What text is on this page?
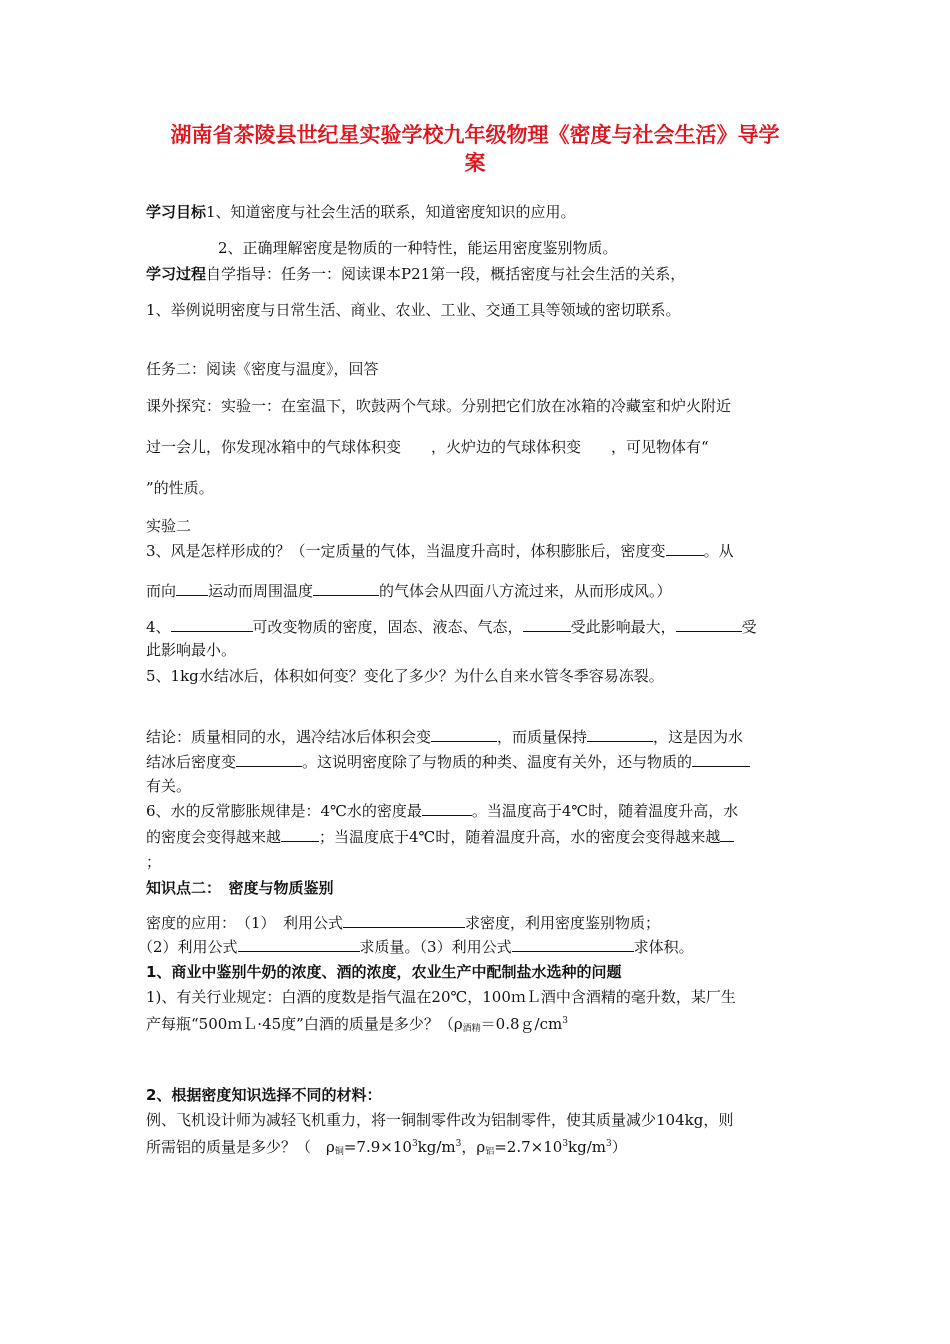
湖南省茶陵县世纪星实验学校九年级物理《密度与社会生活》导学
案
学习目标1、知道密度与社会生活的联系，知道密度知识的应用。
2、正确理解密度是物质的一种特性，能运用密度鉴别物质。
学习过程自学指导：任务一：阅读课本P21第一段，概括密度与社会生活的关系，
1、举例说明密度与日常生活、商业、农业、工业、交通工具等领域的密切联系。
任务二：阅读《密度与温度》，回答
课外探究：实验一：在室温下，吹鼓两个气球。分别把它们放在冰箱的冷藏室和炉火附近
过一会儿，你发现冰箱中的气球体积变 ，火炉边的气球体积变 ，可见物体有“
”的性质。
实验二
3、风是怎样形成的？（一定质量的气体，当温度升高时，体积膨胀后，密度变	。从
而向 运动而周围温度	的气体会从四面八方流过来，从而形成风。）
4、	可改变物质的密度，固态、液态、气态，	受此影响最大，	受
此影响最小。
5、1kg水结冰后，体积如何变？变化了多少？为什么自来水管冬季容易冻裂。
结论：质量相同的水，遇冷结冰后体积会变	，而质量保持	，这是因为水
结冰后密度变	。这说明密度除了与物质的种类、温度有关外，还与物质的
有关。
6、水的反常膨胀规律是：4℃水的密度最	。当温度高于4℃时，随着温度升高，水
的密度会变得越来越	；当温度底于4℃时，随着温度升高，水的密度会变得越来越
；
知识点二：　密度与物质鉴别
密度的应用：　（1）　利用公式	求密度，利用密度鉴别物质；
（2）利用公式	求质量。（3）利用公式	求体积。
1、商业中鉴别牛奶的浓度、酒的浓度，农业生产中配制盐水选种的问题
1)、有关行业规定：白酒的度数是指气温在20℃，100ｍＬ酒中含酒精的毫升数，某厂生
产每瓶“500ｍＬ·45度”白酒的质量是多少？（$\rho_{酒精}=0.8g/cm^3$
2、根据密度知识选择不同的材料：
例、飞机设计师为减轻飞机重力，将一铜制零件改为铝制零件，使其质量减少104kg，则
所需铝的质量是多少？（　$\rho_铜=7.9\times 10^3kg/m^3$，$\rho_铝=2.7\times 10^3kg/m^3$）
